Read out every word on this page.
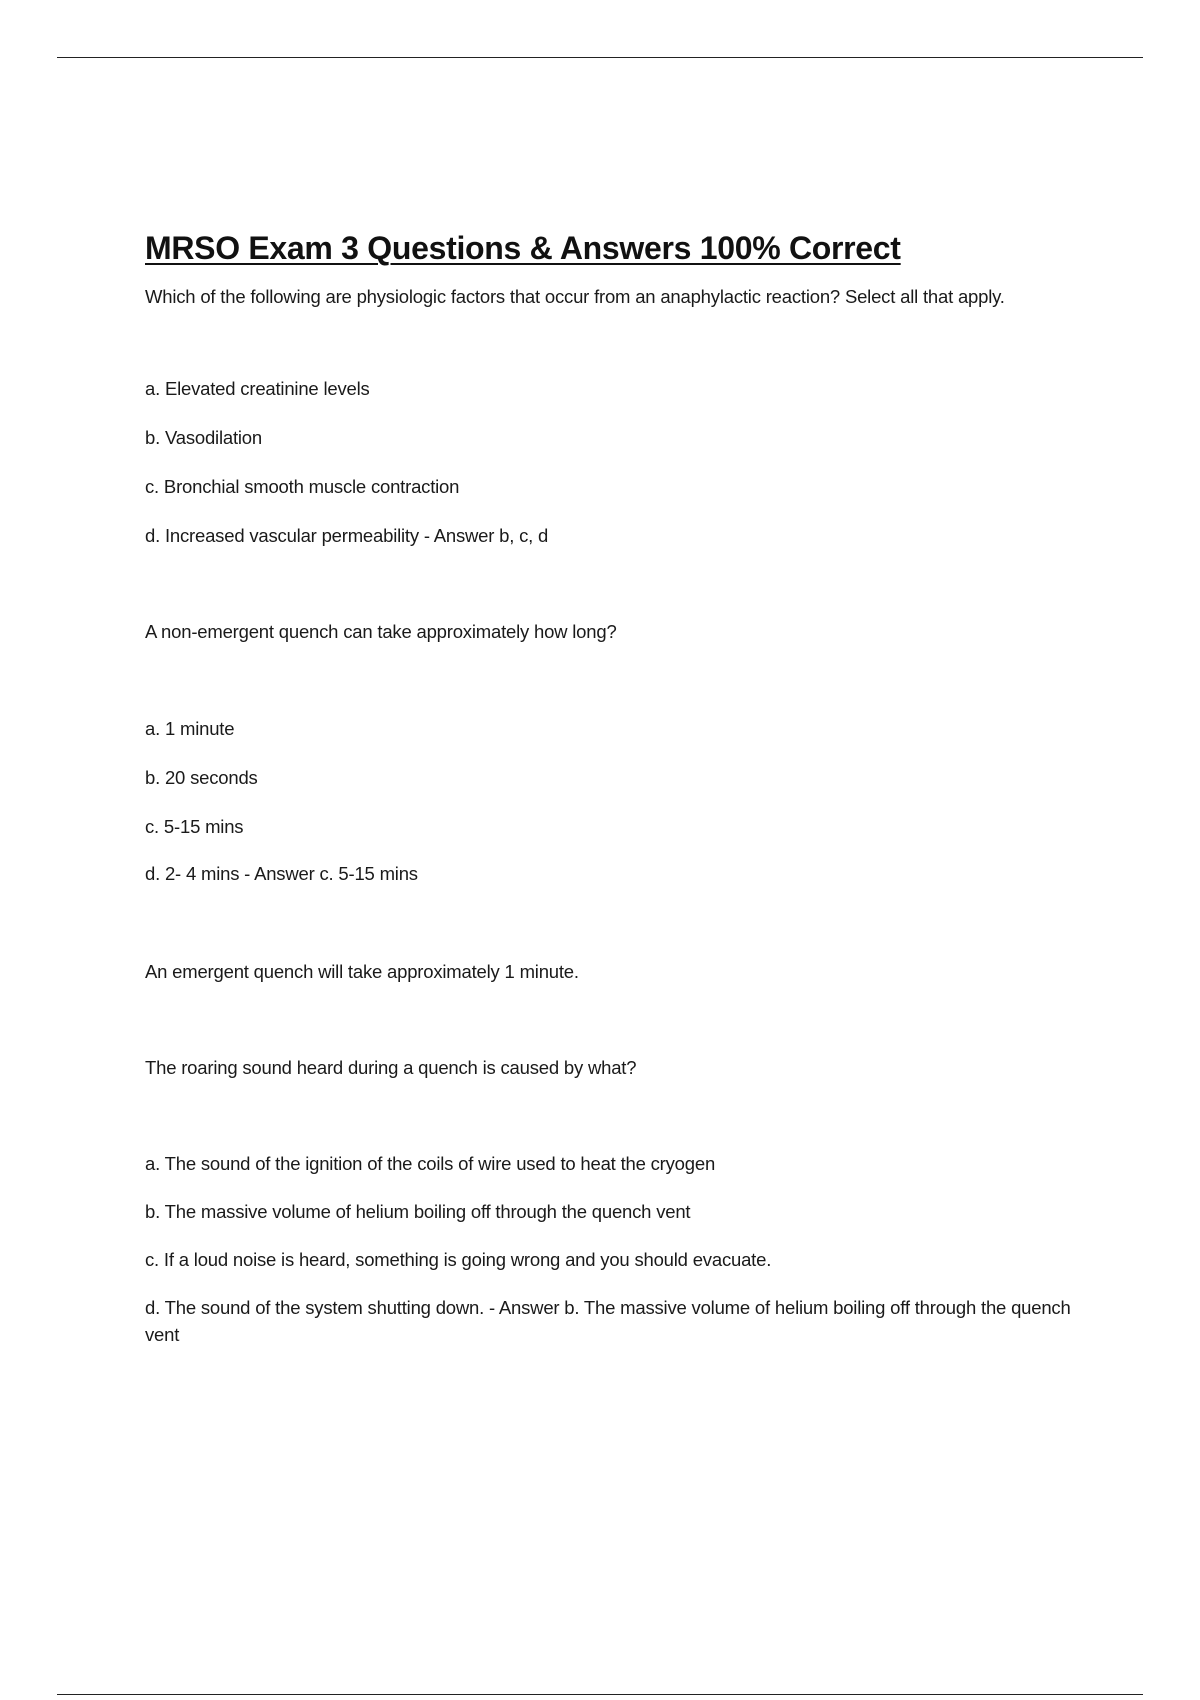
MRSO Exam 3 Questions & Answers 100% Correct

Which of the following are physiologic factors that occur from an anaphylactic reaction? Select all that apply.

a. Elevated creatinine levels

b. Vasodilation

c. Bronchial smooth muscle contraction

d. Increased vascular permeability - Answer b, c, d

A non-emergent quench can take approximately how long?

a. 1 minute

b. 20 seconds

c. 5-15 mins

d. 2- 4 mins - Answer c. 5-15 mins

An emergent quench will take approximately 1 minute.

The roaring sound heard during a quench is caused by what?

a. The sound of the ignition of the coils of wire used to heat the cryogen

b. The massive volume of helium boiling off through the quench vent

c. If a loud noise is heard, something is going wrong and you should evacuate.

d. The sound of the system shutting down. - Answer b. The massive volume of helium boiling off through the quench vent
